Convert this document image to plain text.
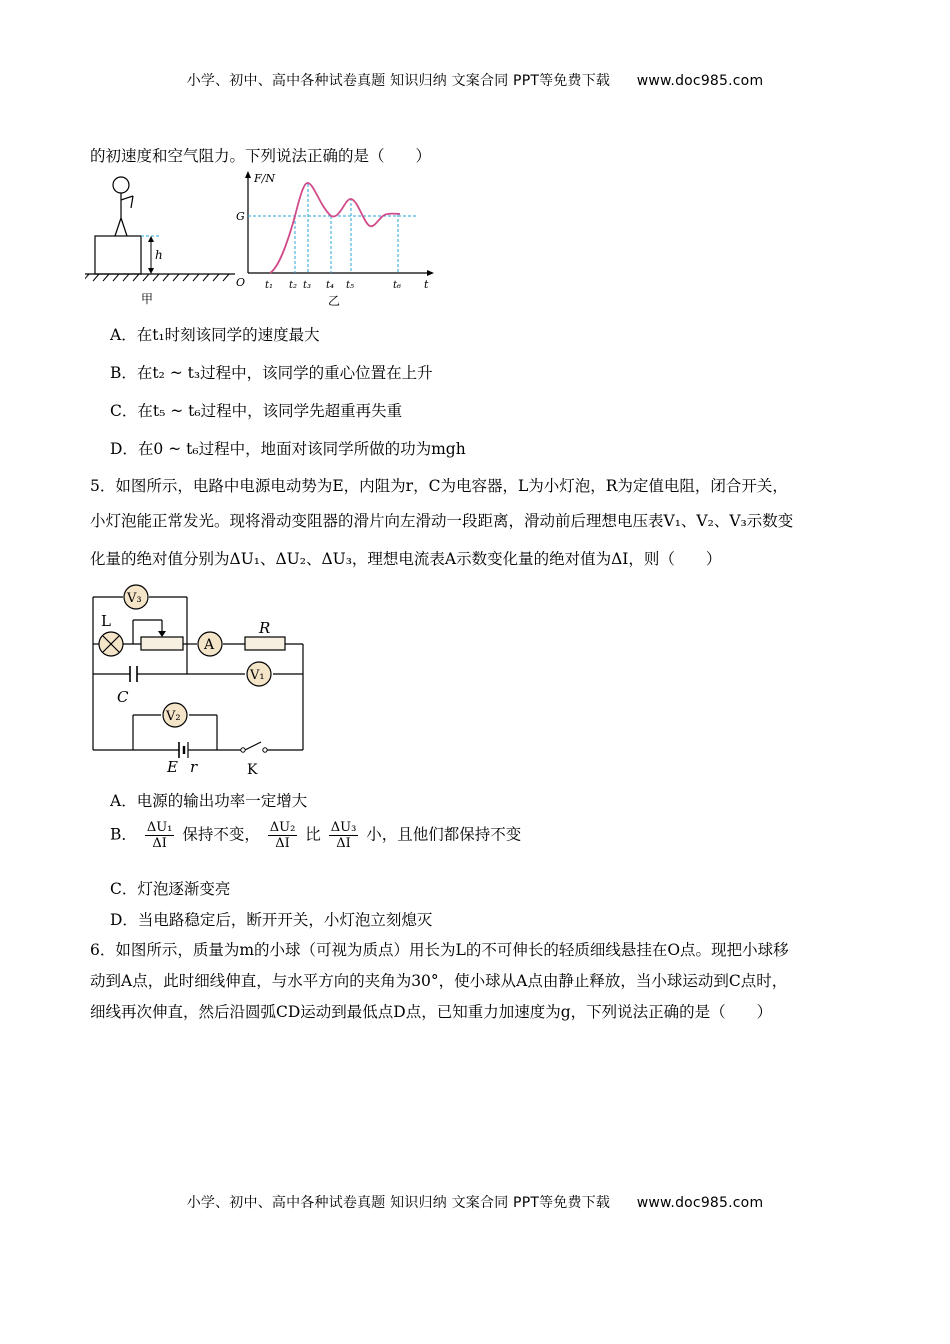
小学、初中、高中各种试卷真题 知识归纳 文案合同 PPT等免费下载 www.doc985.com
的初速度和空气阻力。下列说法正确的是（　　）
h
甲
F/N
t
O
G
t₁ t₂ t₃ t₄ t₅	t₆
乙
A．在t₁时刻该同学的速度最大
B．在t₂ ~ t₃过程中，该同学的重心位置在上升
C．在t₅ ~ t₆过程中，该同学先超重再失重
D．在0 ~ t₆过程中，地面对该同学所做的功为mgh
5．如图所示，电路中电源电动势为E，内阻为r，C为电容器，L为小灯泡，R为定值电阻，闭合开关，
小灯泡能正常发光。现将滑动变阻器的滑片向左滑动一段距离，滑动前后理想电压表V₁、V₂、V₃示数变
化量的绝对值分别为ΔU₁、ΔU₂、ΔU₃，理想电流表A示数变化量的绝对值为ΔI，则（　　）
R
L
V₃
A
V₁
V₂
C
E r	K
A．电源的输出功率一定增大
B． $\frac{\text{ΔU₁}}{\Delta I}$ 保持不变， $\frac{\text{ΔU₂}}{\Delta I}$ 比 $\frac{\text{ΔU₃}}{\Delta I}$ 小，且他们都保持不变
C．灯泡逐渐变亮
D．当电路稳定后，断开开关，小灯泡立刻熄灭
6．如图所示，质量为m的小球（可视为质点）用长为L的不可伸长的轻质细线悬挂在O点。现把小球移
动到A点，此时细线伸直，与水平方向的夹角为30°，使小球从A点由静止释放，当小球运动到C点时，
细线再次伸直，然后沿圆弧CD运动到最低点D点，已知重力加速度为g，下列说法正确的是（　　）
小学、初中、高中各种试卷真题 知识归纳 文案合同 PPT等免费下载 www.doc985.com
